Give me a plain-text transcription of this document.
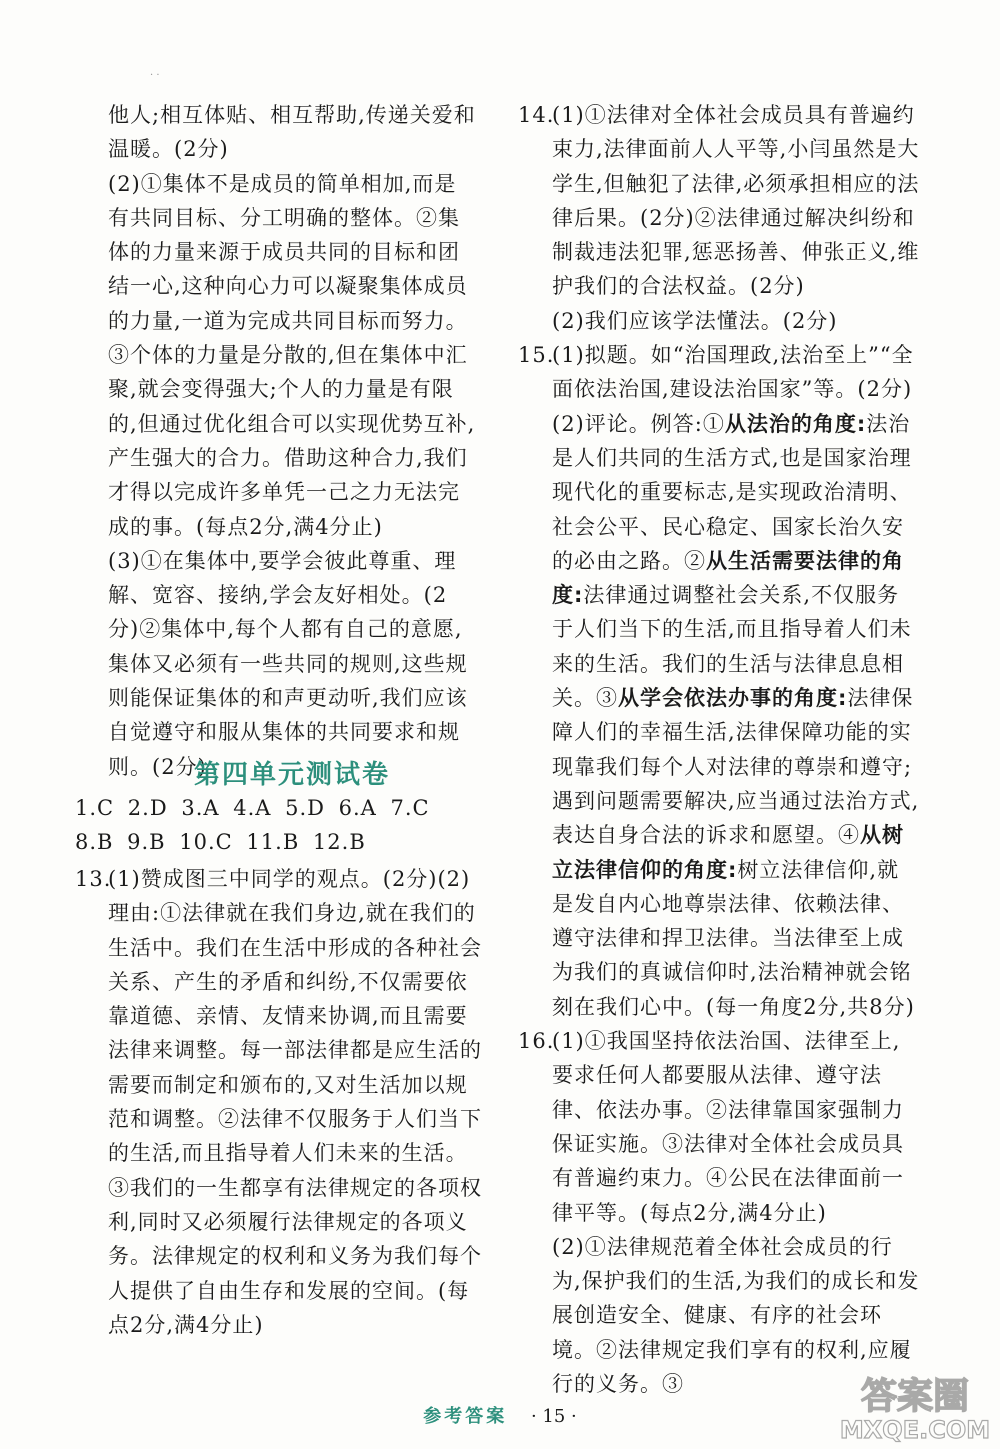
· ·

他人;相互体贴、相互帮助,传递关爱和温暖。(2分)

(2)①集体不是成员的简单相加,而是有共同目标、分工明确的整体。②集体的力量来源于成员共同的目标和团结一心,这种向心力可以凝聚集体成员的力量,一道为完成共同目标而努力。③个体的力量是分散的,但在集体中汇聚,就会变得强大;个人的力量是有限的,但通过优化组合可以实现优势互补,产生强大的合力。借助这种合力,我们才得以完成许多单凭一己之力无法完成的事。(每点2分,满4分止)

(3)①在集体中,要学会彼此尊重、理解、宽容、接纳,学会友好相处。(2分)②集体中,每个人都有自己的意愿,集体又必须有一些共同的规则,这些规则能保证集体的和声更动听,我们应该自觉遵守和服从集体的共同要求和规则。(2分)

第四单元测试卷
1.C 2.D 3.A 4.A 5.D 6.A 7.C
8.B 9.B 10.C 11.B 12.B
13.

(1)赞成图三中同学的观点。(2分)(2)理由:①法律就在我们身边,就在我们的生活中。我们在生活中形成的各种社会关系、产生的矛盾和纠纷,不仅需要依靠道德、亲情、友情来协调,而且需要法律来调整。每一部法律都是应生活的需要而制定和颁布的,又对生活加以规范和调整。②法律不仅服务于人们当下的生活,而且指导着人们未来的生活。③我们的一生都享有法律规定的各项权利,同时又必须履行法律规定的各项义务。法律规定的权利和义务为我们每个人提供了自由生存和发展的空间。(每点2分,满4分止)

14.

(1)①法律对全体社会成员具有普遍约束力,法律面前人人平等,小闫虽然是大学生,但触犯了法律,必须承担相应的法律后果。(2分)②法律通过解决纠纷和制裁违法犯罪,惩恶扬善、伸张正义,维护我们的合法权益。(2分)

(2)我们应该学法懂法。(2分)

15.

(1)拟题。如“治国理政,法治至上”“全面依法治国,建设法治国家”等。(2分)

(2)评论。例答:①从法治的角度:法治是人们共同的生活方式,也是国家治理现代化的重要标志,是实现政治清明、社会公平、民心稳定、国家长治久安的必由之路。②从生活需要法律的角度:法律通过调整社会关系,不仅服务于人们当下的生活,而且指导着人们未来的生活。我们的生活与法律息息相关。③从学会依法办事的角度:法律保障人们的幸福生活,法律保障功能的实现靠我们每个人对法律的尊崇和遵守;遇到问题需要解决,应当通过法治方式,表达自身合法的诉求和愿望。④从树立法律信仰的角度:树立法律信仰,就是发自内心地尊崇法律、依赖法律、遵守法律和捍卫法律。当法律至上成为我们的真诚信仰时,法治精神就会铭刻在我们心中。(每一角度2分,共8分)

16.

(1)①我国坚持依法治国、法律至上,要求任何人都要服从法律、遵守法律、依法办事。②法律靠国家强制力保证实施。③法律对全体社会成员具有普遍约束力。④公民在法律面前一律平等。(每点2分,满4分止)

(2)①法律规范着全体社会成员的行为,保护我们的生活,为我们的成长和发展创造安全、健康、有序的社会环境。②法律规定我们享有的权利,应履行的义务。③

参考答案 · 15 ·	答案圈
MXQE.COM
